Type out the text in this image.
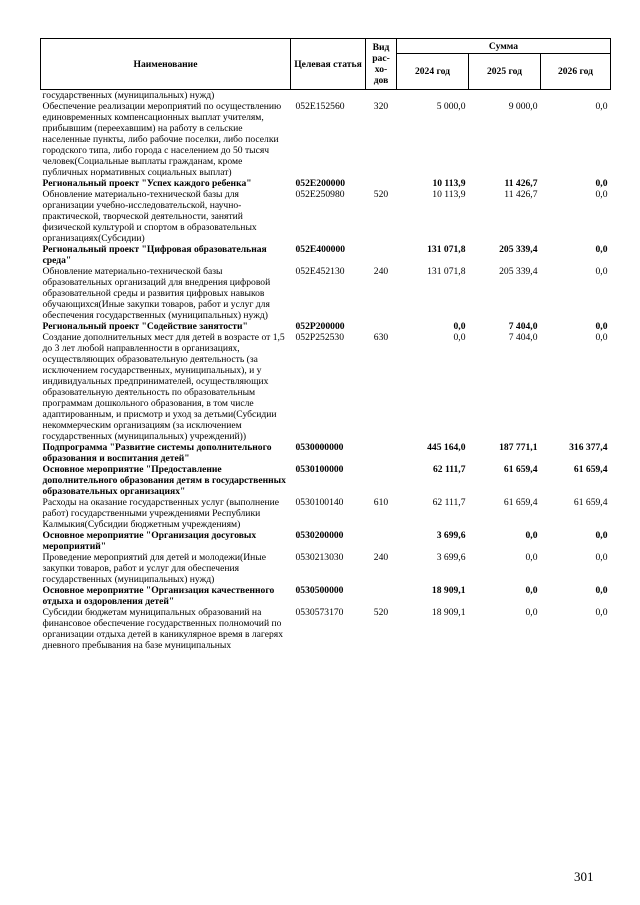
Наименование	Целевая статья	Вид рас- хо- дов	Сумма		
			2024 год	2025 год	2026 год
государственных (муниципальных) нужд)					
Обеспечение реализации мероприятий по осуществлению единовременных компенсационных выплат учителям, прибывшим (переехавшим) на работу в сельские населенные пункты, либо рабочие поселки, либо поселки городского типа, либо города с населением до 50 тысяч человек(Социальные выплаты гражданам, кроме публичных нормативных социальных выплат)	052E152560	320	5 000,0	9 000,0	0,0
Региональный проект "Успех каждого ребенка"	052E200000		10 113,9	11 426,7	0,0
Обновление материально-технической базы для организации учебно-исследовательской, научно-практической, творческой деятельности, занятий физической культурой и спортом в образовательных организациях(Субсидии)	052E250980	520	10 113,9	11 426,7	0,0
Региональный проект "Цифровая образовательная среда"	052E400000		131 071,8	205 339,4	0,0
Обновление материально-технической базы образовательных организаций для внедрения цифровой образовательной среды и развития цифровых навыков обучающихся(Иные закупки товаров, работ и услуг для обеспечения государственных (муниципальных) нужд)	052E452130	240	131 071,8	205 339,4	0,0
Региональный проект "Содействие занятости"	052P200000		0,0	7 404,0	0,0
Создание дополнительных мест для детей в возрасте от 1,5 до 3 лет любой направленности в организациях, осуществляющих образовательную деятельность (за исключением государственных, муниципальных), и у индивидуальных предпринимателей, осуществляющих образовательную деятельность по образовательным программам дошкольного образования, в том числе адаптированным, и присмотр и уход за детьми(Субсидии некоммерческим организациям (за исключением государственных (муниципальных) учреждений))	052P252530	630	0,0	7 404,0	0,0
Подпрограмма "Развитие системы дополнительного образования и воспитания детей"	0530000000		445 164,0	187 771,1	316 377,4
Основное мероприятие "Предоставление дополнительного образования детям в государственных образовательных организациях"	0530100000		62 111,7	61 659,4	61 659,4
Расходы на оказание государственных услуг (выполнение работ) государственными учреждениями Республики Калмыкия(Субсидии бюджетным учреждениям)	0530100140	610	62 111,7	61 659,4	61 659,4
Основное мероприятие "Организация досуговых мероприятий"	0530200000		3 699,6	0,0	0,0
Проведение мероприятий для детей и молодежи(Иные закупки товаров, работ и услуг для обеспечения государственных (муниципальных) нужд)	0530213030	240	3 699,6	0,0	0,0
Основное мероприятие "Организация качественного отдыха и оздоровления детей"	0530500000		18 909,1	0,0	0,0
Субсидии бюджетам муниципальных образований на финансовое обеспечение государственных полномочий по организации отдыха детей в каникулярное время в лагерях дневного пребывания на базе муниципальных	0530573170	520	18 909,1	0,0	0,0
301
